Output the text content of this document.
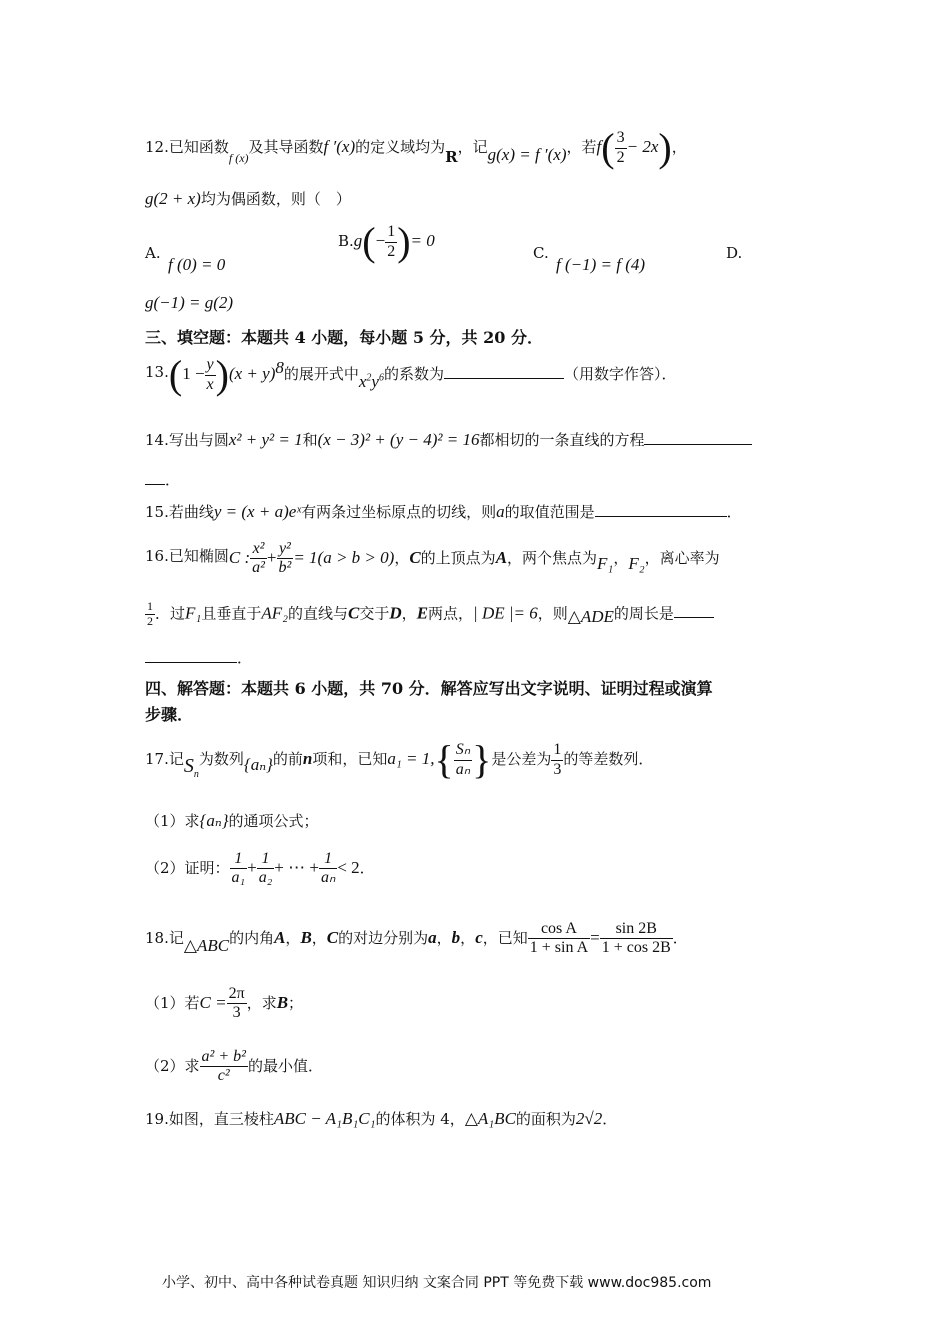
12.已知函数$_{f (x)}$及其导函数f ′(x)的定义域均为R，记g(x) = f ′(x)，若$f( \frac{3}{2} - 2x)$，
g(2 + x)均为偶函数，则（　）
A.
f (0) = 0
$B.g(- \frac{1}{2}$ )= 0
C.
f (−1) = f (4)
D.
g(−1) = g(2)
三、填空题：本题共 4 小题，每小题 5 分，共 20 分．
$13.(1 - \frac{y}{x} )(x + y)^8$的展开式中$x^2y^6$的系数为	（用数字作答）．
14.写出与圆x² + y² = 1和(x − 3)² + (y − 4)² = 16都相切的一条直线的方程
．
15.若曲线y = (x + a)eˣ有两条过坐标原点的切线，则a的取值范围是	．
16.已知椭圆C : $\frac{\text{x²}}{\text{a²}} + \frac{\text{y²}}{\text{b²}} = 1(a > b > 0)$，C的上顶点为A，两个焦点为F₁，F₂，离心率为
$\frac{1}{2}$ ．过F₁且垂直于AF₂的直线与C交于D，E两点，| DE |= 6，则△ADE的周长是
．
四、解答题：本题共 6 小题，共 70 分．解答应写出文字说明、证明过程或演算
步骤．
17.记$S_n$为数列{aₙ}的前n项和，已知$a_1 = 1,\{ \frac{\text{Sₙ}}{\text{aₙ}}$ }是公差为 $\frac{1}{3}$ 的等差数列．
（1）求{aₙ}的通项公式；
（2）证明： $\frac{1}{\text{a₁}} + \frac{1}{\text{a₂}}$ + ⋯ + $\frac{1}{\text{aₙ}} < 2$．
18.记△ABC的内角A，B，C的对边分别为a，b，c，已知 $\frac{\text{cos A}}{\text{1 + sin A}} = \frac{\sin 2B}{1 + \cos 2B}$ ．
（1）若$C = \frac{2\pi}{3}$ ，求B；
（2）求 $\frac{\text{a² + b²}}{\text{c²}}$ 的最小值．
19.如图，直三棱柱ABC − A₁B₁C₁的体积为 4，△A₁BC的面积为2√2．
小学、初中、高中各种试卷真题 知识归纳 文案合同 PPT 等免费下载 www.doc985.com
